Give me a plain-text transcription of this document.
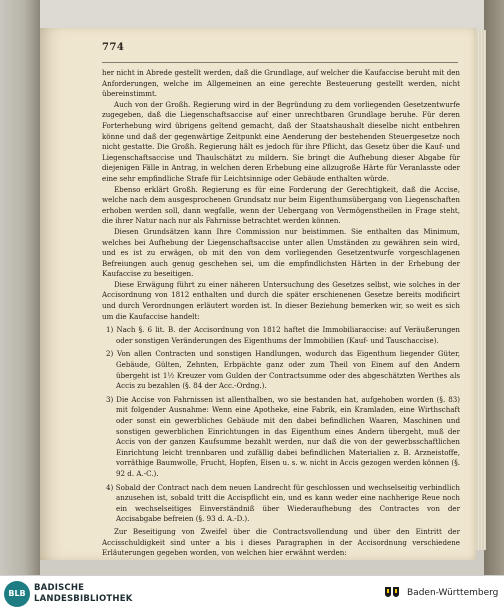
774

her nicht in Abrede gestellt werden, daß die Grundlage, auf welcher die Kaufaccise beruht mit den Anforderungen, welche im Allgemeinen an eine gerechte Besteuerung gestellt werden, nicht übereinstimmt.

Auch von der Großh. Regierung wird in der Begründung zu dem vorliegenden Gesetzentwurfe zugegeben, daß die Liegenschaftsaccise auf einer unrechtbaren Grundlage beruhe. Für deren Forterhebung wird übrigens geltend gemacht, daß der Staatshaushalt dieselbe nicht entbehren könne und daß der gegenwärtige Zeitpunkt eine Aenderung der bestehenden Steuergesetze noch nicht gestatte. Die Großh. Regierung hält es jedoch für ihre Pflicht, das Gesetz über die Kauf- und Liegenschaftsaccise und Thaulschätzt zu mildern. Sie bringt die Aufhebung dieser Abgabe für diejenigen Fälle in Antrag, in welchen deren Erhebung eine allzugroße Härte für Veranlasste oder eine sehr empfindliche Strafe für Leichtsinnige oder Gebäude enthalten würde.

Ebenso erklärt Großh. Regierung es für eine Forderung der Gerechtigkeit, daß die Accise, welche nach dem ausgesprochenen Grundsatz nur beim Eigenthumsübergang von Liegenschaften erhoben werden soll, dann wegfalle, wenn der Uebergang von Vermögenstheilen in Frage steht, die ihrer Natur nach nur als Fahrnisse betrachtet werden können.

Diesen Grundsätzen kann Ihre Commission nur beistimmen. Sie enthalten das Minimum, welches bei Aufhebung der Liegenschaftsaccise unter allen Umständen zu gewähren sein wird, und es ist zu erwägen, ob mit den von dem vorliegenden Gesetzentwurfe vorgeschlagenen Befreiungen auch genug geschehen sei, um die empfindlichsten Härten in der Erhebung der Kaufaccise zu beseitigen.

Diese Erwägung führt zu einer näheren Untersuchung des Gesetzes selbst, wie solches in der Accisordnung von 1812 enthalten und durch die später erschienenen Gesetze bereits modificirt und durch Verordnungen erläutert worden ist. In dieser Beziehung bemerken wir, so weit es sich um die Kaufaccise handelt:

1) Nach §. 6 lit. B. der Accisordnung von 1812 haftet die Immobiliaraccise: auf Veräußerungen oder sonstigen Veränderungen des Eigenthums der Immobilien (Kauf- und Tauschaccise).

2) Von allen Contracten und sonstigen Handlungen, wodurch das Eigenthum liegender Güter, Gebäude, Gülten, Zehnten, Erbpächte ganz oder zum Theil von Einem auf den Andern übergeht ist 1½ Kreuzer vom Gulden der Contractsumme oder des abgeschätzten Werthes als Accis zu bezahlen (§. 84 der Acc.-Ordng.).

3) Die Accise von Fahrnissen ist allenthalben, wo sie bestanden hat, aufgehoben worden (§. 83) mit folgender Ausnahme: Wenn eine Apotheke, eine Fabrik, ein Kramladen, eine Wirthschaft oder sonst ein gewerbliches Gebäude mit den dabei befindlichen Waaren, Maschinen und sonstigen gewerblichen Einrichtungen in das Eigenthum eines Andern übergeht, muß der Accis von der ganzen Kaufsumme bezahlt werden, nur daß die von der gewerbsschaftlichen Einrichtung leicht trennbaren und zufällig dabei befindlichen Materialien z. B. Arzneistoffe, vorräthige Baumwolle, Frucht, Hopfen, Eisen u. s. w. nicht in Accis gezogen werden können (§. 92 d. A.-C.).

4) Sobald der Contract nach dem neuen Landrecht für geschlossen und wechselseitig verbindlich anzusehen ist, sobald tritt die Accispflicht ein, und es kann weder eine nachherige Reue noch ein wechselseitiges Einverständniß über Wiederaufhebung des Contractes von der Accisabgabe befreien (§. 93 d. A.-D.).

Zur Beseitigung von Zweifel über die Contractsvollendung und über den Eintritt der Accisschuldigkeit sind unter a bis i dieses Paragraphen in der Accisordnung verschiedene Erläuterungen gegeben worden, von welchen hier erwähnt werden:

BLB
BADISCHE
LANDESBIBLIOTHEK
Baden-Württemberg
